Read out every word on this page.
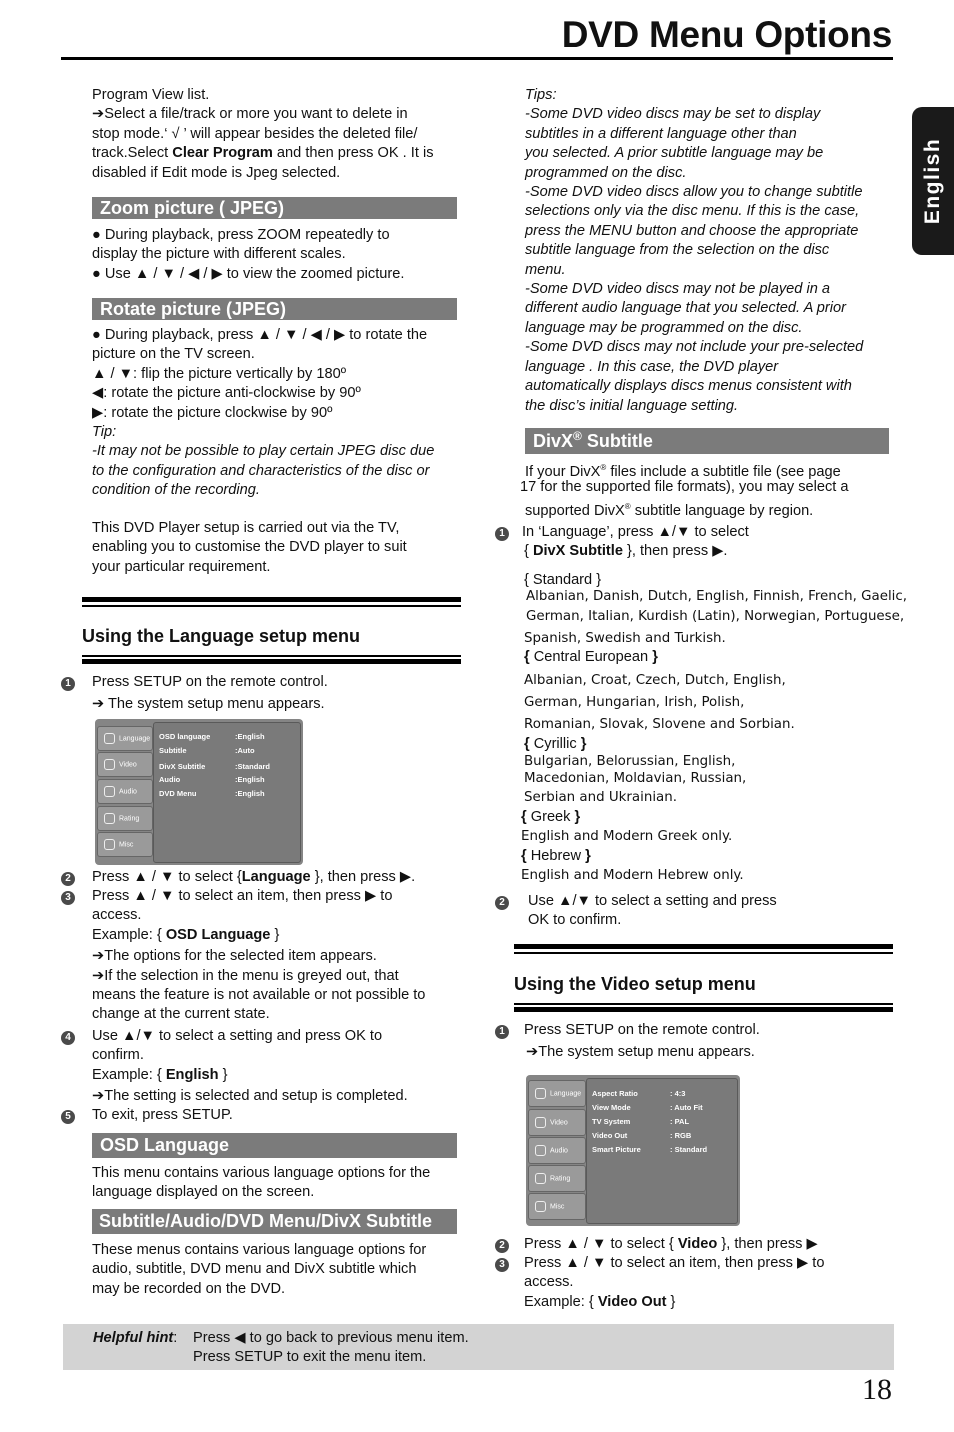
DVD Menu Options
English
Program View list.
➔Select a file/track or more you want to delete in
stop mode.‘ √ ’ will appear besides the deleted file/
track.Select Clear Program and then press OK . It is
disabled if Edit mode is Jpeg selected.
Zoom picture ( JPEG)
● During playback, press ZOOM repeatedly to
display the picture with different scales.
● Use ▲ / ▼ / ◀ / ▶ to view the zoomed picture.
Rotate picture (JPEG)
● During playback, press ▲ / ▼ / ◀ / ▶ to rotate the
picture on the TV screen.
▲ / ▼: flip the picture vertically by 180º
◀: rotate the picture anti-clockwise by 90º
▶: rotate the picture clockwise by 90º
Tip:
-It may not be possible to play certain JPEG disc due
to the configuration and characteristics of the disc or
condition of the recording.
This DVD Player setup is carried out via the TV,
enabling you to customise the DVD player to suit
your particular requirement.
Using the Language setup menu
1 Press SETUP on the remote control.
➔ The system setup menu appears.
Language
Video
Audio
Rating
Misc
OSD language	:English
Subtitle	:Auto
DivX Subtitle	:Standard
Audio	:English
DVD Menu	:English
2 Press ▲ / ▼ to select {Language }, then press ▶.
3 Press ▲ / ▼ to select an item, then press ▶ to
access.
Example: { OSD Language }
➔The options for the selected item appears.
➔If the selection in the menu is greyed out, that
means the feature is not available or not possible to
change at the current state.
4 Use ▲/▼ to select a setting and press OK to
confirm.
Example: { English }
➔The setting is selected and setup is completed.
5 To exit, press SETUP.
OSD Language
This menu contains various language options for the
language displayed on the screen.
Subtitle/Audio/DVD Menu/DivX Subtitle
These menus contains various language options for
audio, subtitle, DVD menu and DivX subtitle which
may be recorded on the DVD.
Tips:
-Some DVD video discs may be set to display
subtitles in a different language other than
you selected. A prior subtitle language may be
programmed on the disc.
-Some DVD video discs allow you to change subtitle
selections only via the disc menu. If this is the case,
press the MENU button and choose the appropriate
subtitle language from the selection on the disc
menu.
-Some DVD video discs may not be played in a
different audio language that you selected. A prior
language may be programmed on the disc.
-Some DVD discs may not include your pre-selected
language . In this case, the DVD player
automatically displays discs menus consistent with
the disc’s initial language setting.
DivX® Subtitle
If your DivX® files include a subtitle file (see page
17 for the supported file formats), you may select a
supported DivX® subtitle language by region.
1 In ‘Language’, press ▲/▼ to select
{ DivX Subtitle }, then press ▶.
{ Standard }
Albanian, Danish, Dutch, English, Finnish, French, Gaelic,
German, Italian, Kurdish (Latin), Norwegian, Portuguese,
Spanish, Swedish and Turkish.
{ Central European }
Albanian, Croat, Czech, Dutch, English,
German, Hungarian, Irish, Polish,
Romanian, Slovak, Slovene and Sorbian.
{ Cyrillic }
Bulgarian, Belorussian, English,
Macedonian, Moldavian, Russian,
Serbian and Ukrainian.
{ Greek }
English and Modern Greek only.
{ Hebrew }
English and Modern Hebrew only.
2 Use ▲/▼ to select a setting and press
OK to confirm.
Using the Video setup menu
1 Press SETUP on the remote control.
➔The system setup menu appears.
Language
Video
Audio
Rating
Misc
Aspect Ratio	: 4:3
View Mode	: Auto Fit
TV System	: PAL
Video Out	: RGB
Smart Picture	: Standard
2 Press ▲ / ▼ to select { Video }, then press ▶
3 Press ▲ / ▼ to select an item, then press ▶ to
access.
Example: { Video Out }
Helpful hint: Press ◀ to go back to previous menu item.
Press SETUP to exit the menu item.
18
